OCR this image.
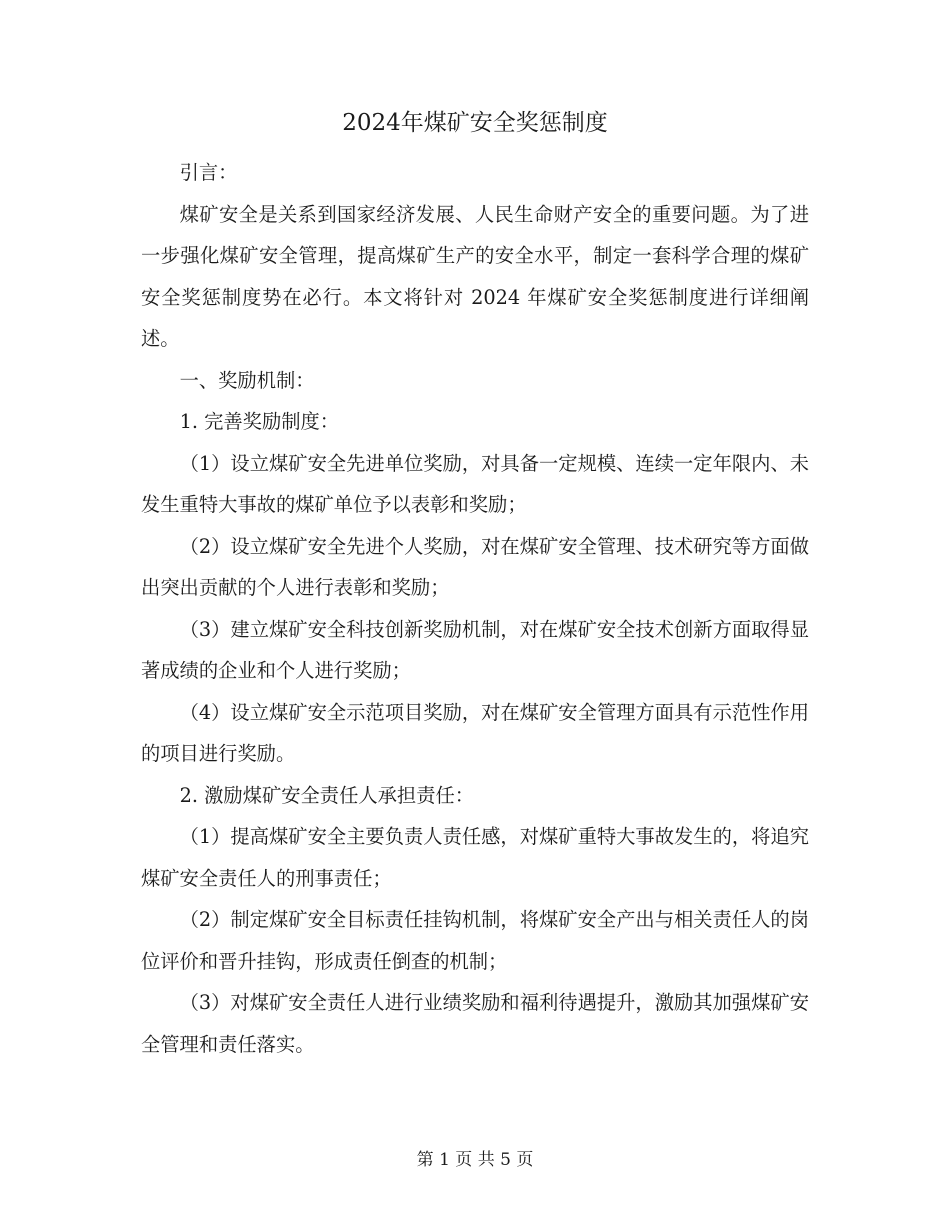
2024年煤矿安全奖惩制度

引言：

煤矿安全是关系到国家经济发展、人民生命财产安全的重要问题。为了进一步强化煤矿安全管理，提高煤矿生产的安全水平，制定一套科学合理的煤矿安全奖惩制度势在必行。本文将针对 2024 年煤矿安全奖惩制度进行详细阐述。

一、奖励机制：

1. 完善奖励制度：

（1）设立煤矿安全先进单位奖励，对具备一定规模、连续一定年限内、未发生重特大事故的煤矿单位予以表彰和奖励；

（2）设立煤矿安全先进个人奖励，对在煤矿安全管理、技术研究等方面做出突出贡献的个人进行表彰和奖励；

（3）建立煤矿安全科技创新奖励机制，对在煤矿安全技术创新方面取得显著成绩的企业和个人进行奖励；

（4）设立煤矿安全示范项目奖励，对在煤矿安全管理方面具有示范性作用的项目进行奖励。

2. 激励煤矿安全责任人承担责任：

（1）提高煤矿安全主要负责人责任感，对煤矿重特大事故发生的，将追究煤矿安全责任人的刑事责任；

（2）制定煤矿安全目标责任挂钩机制，将煤矿安全产出与相关责任人的岗位评价和晋升挂钩，形成责任倒查的机制；

（3）对煤矿安全责任人进行业绩奖励和福利待遇提升，激励其加强煤矿安全管理和责任落实。

第 1 页 共 5 页
